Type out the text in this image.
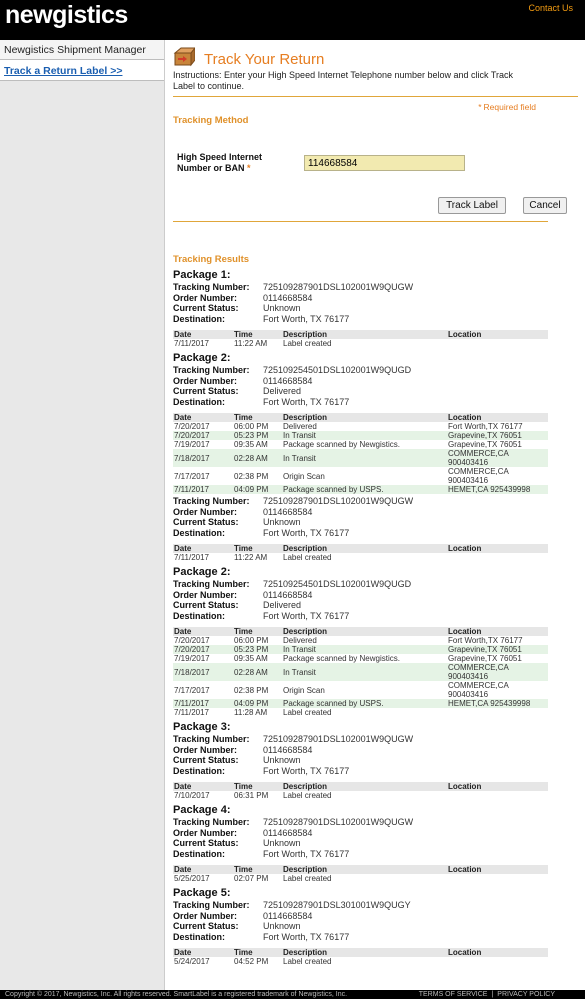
newgistics	Contact Us
Newgistics Shipment Manager
Track a Return Label >>
Track Your Return
Instructions: Enter your High Speed Internet Telephone number below and click Track Label to continue.
* Required field
Tracking Method
High Speed Internet Number or BAN *
114668584
Track Label	Cancel
Tracking Results
Package 1:
Tracking Number:	725109287901DSL102001W9QUGW
Order Number:	0114668584
Current Status:	Unknown
Destination:	Fort Worth, TX 76177
Date	Time	Description	Location
7/11/2017	11:22 AM	Label created	
Package 2:
Tracking Number:	725109254501DSL102001W9QUGD
Order Number:	0114668584
Current Status:	Delivered
Destination:	Fort Worth, TX 76177
Date	Time	Description	Location
7/20/2017	06:00 PM	Delivered	Fort Worth,TX 76177

7/20/2017	05:23 PM	In Transit	Grapevine,TX 76051

7/19/2017	09:35 AM	Package scanned by Newgistics.	Grapevine,TX 76051

7/18/2017	02:28 AM	In Transit	COMMERCE,CA
900403416

7/17/2017	02:38 PM	Origin Scan	COMMERCE,CA
900403416

7/11/2017	04:09 PM	Package scanned by USPS.	HEMET,CA 925439998
Tracking Number:	725109287901DSL102001W9QUGW
Order Number:	0114668584
Current Status:	Unknown
Destination:	Fort Worth, TX 76177
Date	Time	Description	Location
7/11/2017	11:22 AM	Label created	
Package 2:
Tracking Number:	725109254501DSL102001W9QUGD
Order Number:	0114668584
Current Status:	Delivered
Destination:	Fort Worth, TX 76177
Date	Time	Description	Location
7/20/2017	06:00 PM	Delivered	Fort Worth,TX 76177

7/20/2017	05:23 PM	In Transit	Grapevine,TX 76051

7/19/2017	09:35 AM	Package scanned by Newgistics.	Grapevine,TX 76051

7/18/2017	02:28 AM	In Transit	COMMERCE,CA
900403416

7/17/2017	02:38 PM	Origin Scan	COMMERCE,CA
900403416

7/11/2017	04:09 PM	Package scanned by USPS.	HEMET,CA 925439998

7/11/2017	11:28 AM	Label created	
Package 3:
Tracking Number:	725109287901DSL102001W9QUGW
Order Number:	0114668584
Current Status:	Unknown
Destination:	Fort Worth, TX 76177
Date	Time	Description	Location
7/10/2017	06:31 PM	Label created	
Package 4:
Tracking Number:	725109287901DSL102001W9QUGW
Order Number:	0114668584
Current Status:	Unknown
Destination:	Fort Worth, TX 76177
Date	Time	Description	Location
5/25/2017	02:07 PM	Label created	
Package 5:
Tracking Number:	725109287901DSL301001W9QUGY
Order Number:	0114668584
Current Status:	Unknown
Destination:	Fort Worth, TX 76177
Date	Time	Description	Location
5/24/2017	04:52 PM	Label created	
Copyright © 2017, Newgistics, Inc. All rights reserved. SmartLabel is a registered trademark of Newgistics, Inc.	TERMS OF SERVICE | PRIVACY POLICY
